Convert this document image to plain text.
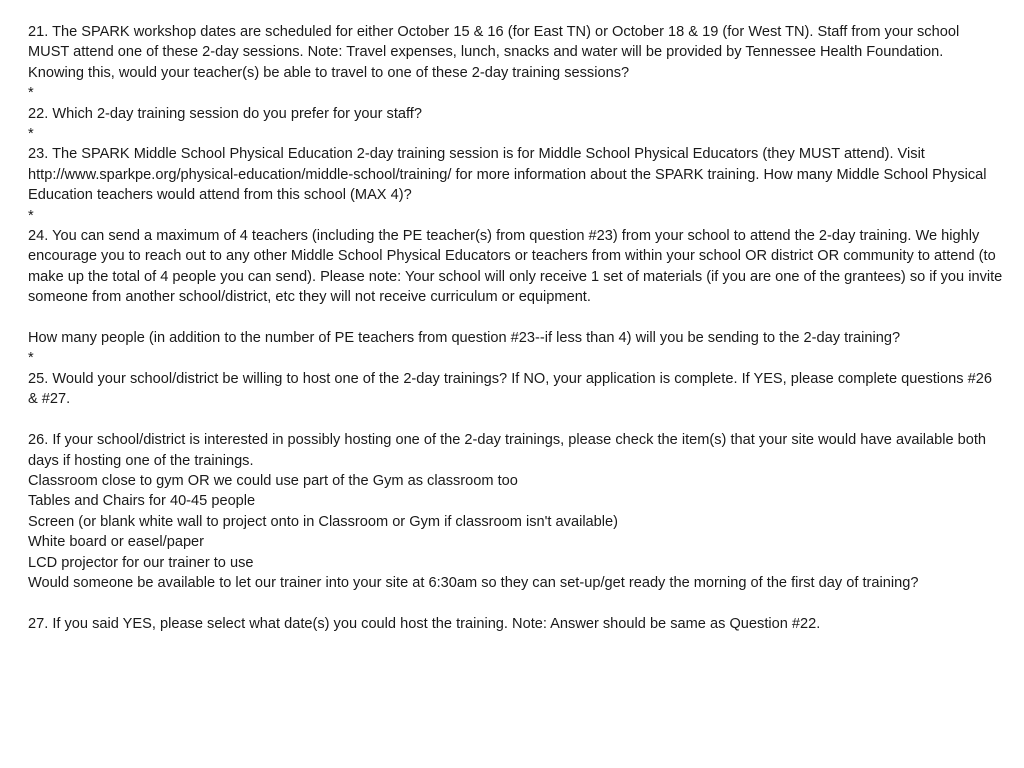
21. The SPARK workshop dates are scheduled for either October 15 & 16 (for East TN) or October 18 & 19 (for West TN). Staff from your school MUST attend one of these 2-day sessions. Note: Travel expenses, lunch, snacks and water will be provided by Tennessee Health Foundation. Knowing this, would your teacher(s) be able to travel to one of these 2-day training sessions?
*
22. Which 2-day training session do you prefer for your staff?
*
23. The SPARK Middle School Physical Education 2-day training session is for Middle School Physical Educators (they MUST attend). Visit http://www.sparkpe.org/physical-education/middle-school/training/ for more information about the SPARK training. How many Middle School Physical Education teachers would attend from this school (MAX 4)?
*
24. You can send a maximum of 4 teachers (including the PE teacher(s) from question #23) from your school to attend the 2-day training. We highly encourage you to reach out to any other Middle School Physical Educators or teachers from within your school OR district OR community to attend (to make up the total of 4 people you can send). Please note: Your school will only receive 1 set of materials (if you are one of the grantees) so if you invite someone from another school/district, etc they will not receive curriculum or equipment.
How many people (in addition to the number of PE teachers from question #23--if less than 4) will you be sending to the 2-day training?
*
25. Would your school/district be willing to host one of the 2-day trainings? If NO, your application is complete. If YES, please complete questions #26 & #27.
26. If your school/district is interested in possibly hosting one of the 2-day trainings, please check the item(s) that your site would have available both days if hosting one of the trainings.
Classroom close to gym OR we could use part of the Gym as classroom too
Tables and Chairs for 40-45 people
Screen (or blank white wall to project onto in Classroom or Gym if classroom isn't available)
White board or easel/paper
LCD projector for our trainer to use
Would someone be available to let our trainer into your site at 6:30am so they can set-up/get ready the morning of the first day of training?
27. If you said YES, please select what date(s) you could host the training. Note: Answer should be same as Question #22.
